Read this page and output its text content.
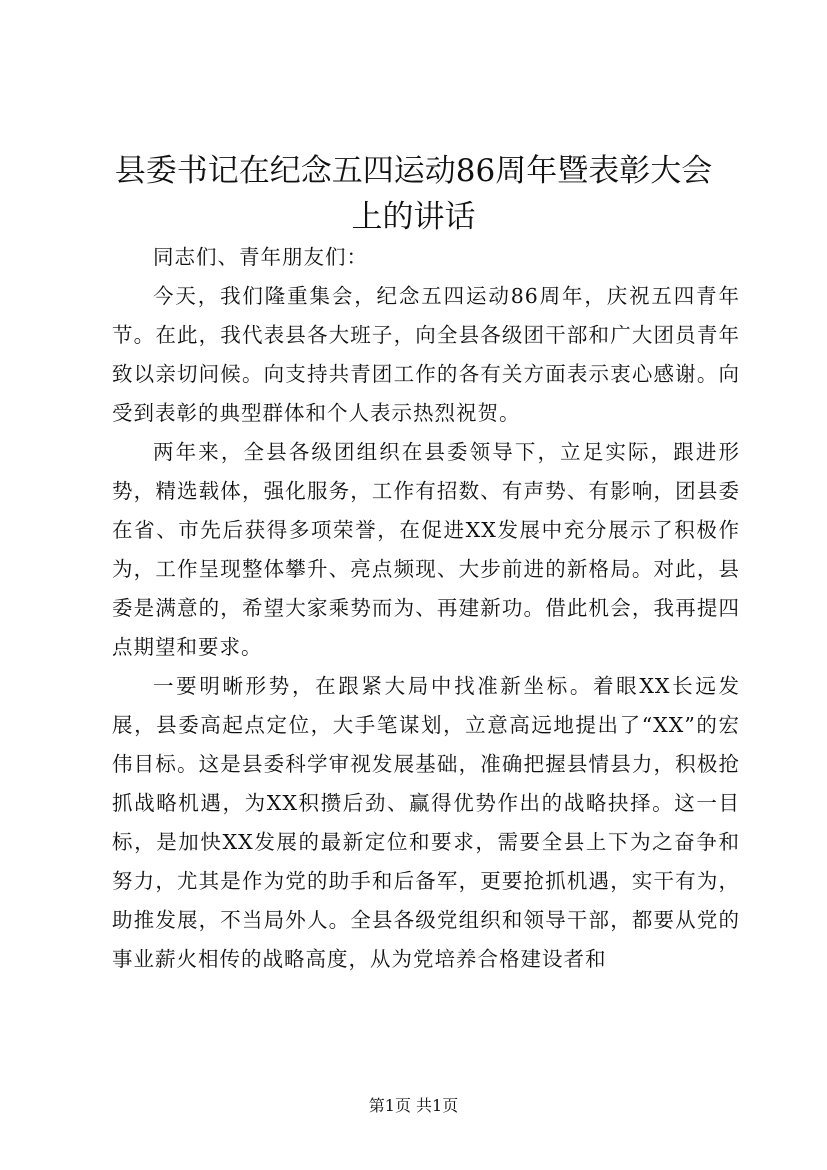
县委书记在纪念五四运动86周年暨表彰大会
上的讲话

同志们、青年朋友们：

今天，我们隆重集会，纪念五四运动86周年，庆祝五四青年节。在此，我代表县各大班子，向全县各级团干部和广大团员青年致以亲切问候。向支持共青团工作的各有关方面表示衷心感谢。向受到表彰的典型群体和个人表示热烈祝贺。

两年来，全县各级团组织在县委领导下，立足实际，跟进形势，精选载体，强化服务，工作有招数、有声势、有影响，团县委在省、市先后获得多项荣誉，在促进XX发展中充分展示了积极作为，工作呈现整体攀升、亮点频现、大步前进的新格局。对此，县委是满意的，希望大家乘势而为、再建新功。借此机会，我再提四点期望和要求。

一要明晰形势，在跟紧大局中找准新坐标。着眼XX长远发展，县委高起点定位，大手笔谋划，立意高远地提出了“XX”的宏伟目标。这是县委科学审视发展基础，准确把握县情县力，积极抢抓战略机遇，为XX积攒后劲、赢得优势作出的战略抉择。这一目标，是加快XX发展的最新定位和要求，需要全县上下为之奋争和努力，尤其是作为党的助手和后备军，更要抢抓机遇，实干有为，助推发展，不当局外人。全县各级党组织和领导干部，都要从党的事业薪火相传的战略高度，从为党培养合格建设者和

第1页 共1页
